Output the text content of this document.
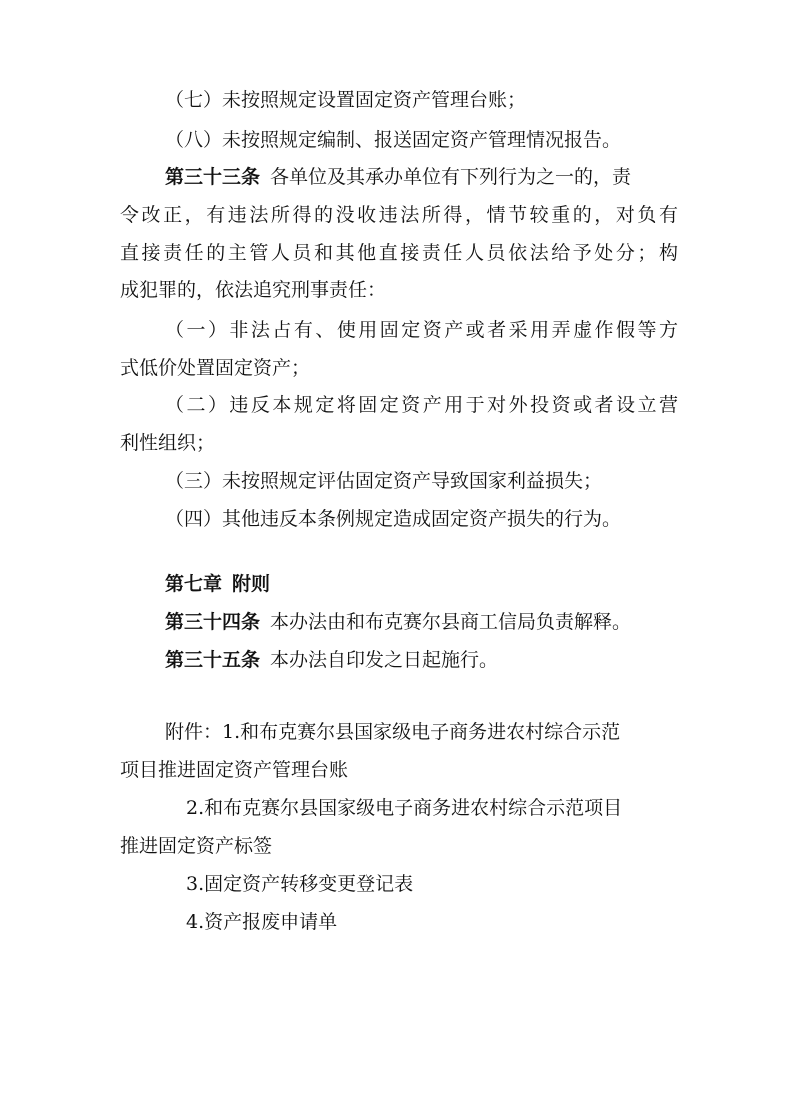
（七）未按照规定设置固定资产管理台账；
（八）未按照规定编制、报送固定资产管理情况报告。
第三十三条 各单位及其承办单位有下列行为之一的，责
令改正，有违法所得的没收违法所得，情节较重的，对负有
直接责任的主管人员和其他直接责任人员依法给予处分；构
成犯罪的，依法追究刑事责任：
（一）非法占有、使用固定资产或者采用弄虚作假等方
式低价处置固定资产；
（二）违反本规定将固定资产用于对外投资或者设立营
利性组织；
（三）未按照规定评估固定资产导致国家利益损失；
（四）其他违反本条例规定造成固定资产损失的行为。
第七章 附则
第三十四条 本办法由和布克赛尔县商工信局负责解释。
第三十五条 本办法自印发之日起施行。
附件：1.和布克赛尔县国家级电子商务进农村综合示范
项目推进固定资产管理台账
2.和布克赛尔县国家级电子商务进农村综合示范项目
推进固定资产标签
3.固定资产转移变更登记表
4.资产报废申请单
